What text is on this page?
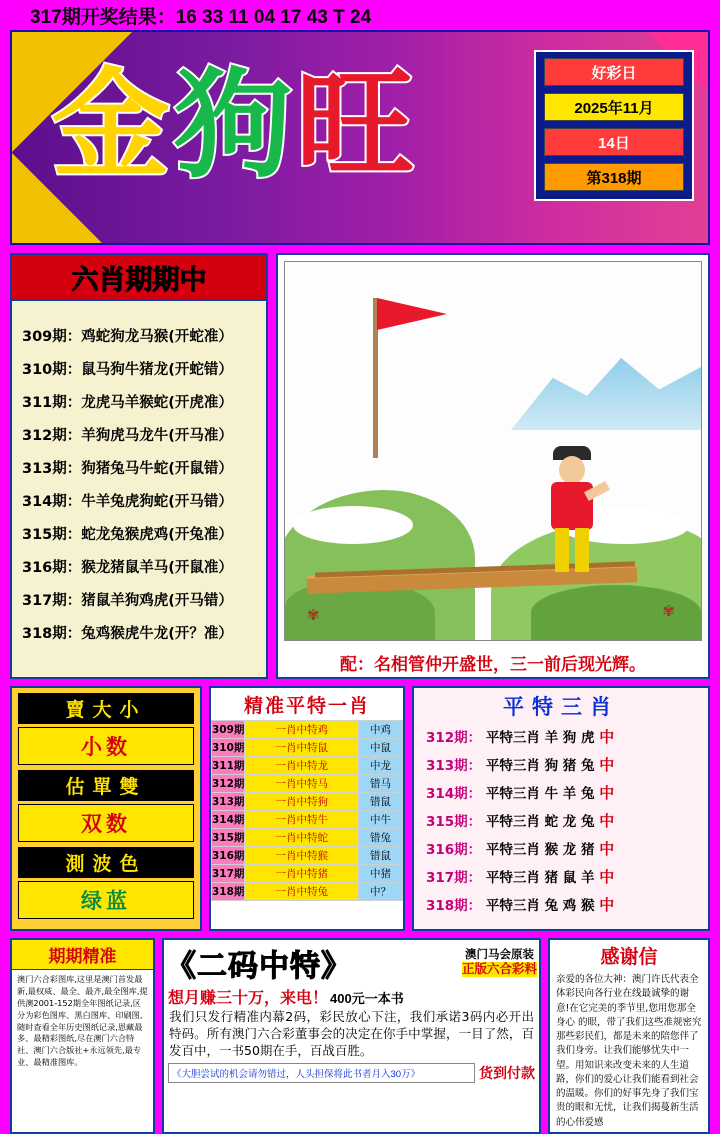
317期开奖结果：16 33 11 04 17 43 T 24
金狗旺	好彩日
2025年11月
14日
第318期
六肖期期中
309期：鸡蛇狗龙马猴(开蛇准）
310期：鼠马狗牛猪龙(开蛇错）
311期：龙虎马羊猴蛇(开虎准）
312期：羊狗虎马龙牛(开马准）
313期：狗猪兔马牛蛇(开鼠错）
314期：牛羊兔虎狗蛇(开马错）
315期：蛇龙兔猴虎鸡(开兔准）
316期：猴龙猪鼠羊马(开鼠准）
317期：猪鼠羊狗鸡虎(开马错）
318期：兔鸡猴虎牛龙(开？准）
✾	✾
配：名相管仲开盛世，三一前后现光辉。
賣大小
小数
估單雙
双数
測波色
绿蓝
精准平特一肖
309期	一肖中特鸡	中鸡
310期	一肖中特鼠	中鼠
311期	一肖中特龙	中龙
312期	一肖中特马	错马
313期	一肖中特狗	错鼠
314期	一肖中特牛	中牛
315期	一肖中特蛇	错兔
316期	一肖中特猴	错鼠
317期	一肖中特猪	中猪
318期	一肖中特兔	中？
平特三肖
312期： 平特三肖 羊 狗 虎 中
313期： 平特三肖 狗 猪 兔 中
314期： 平特三肖 牛 羊 兔 中
315期： 平特三肖 蛇 龙 兔 中
316期： 平特三肖 猴 龙 猪 中
317期： 平特三肖 猪 鼠 羊 中
318期： 平特三肖 兔 鸡 猴 中
期期精准
澳门六合彩图库,这里是澳门首发最新,最权威、最全、最齐,最全图库,提供澳2001-152期全年图纸记录,区分为彩色图库、黑白图库、印刷图,随时查看全年历史图纸记录,恩藏最多、最精彩图纸,尽在澳门六合特社、澳门六合版社+永远领先,最专业、最精准图库。
《二码中特》	澳门马会原装
正版六合彩料
想月赚三十万，来电！ 400元一本书
我们只发行精准内幕2码，彩民放心下注，我们承诺3码内必开出特码。所有澳门六合彩董事会的决定在你手中掌握，一目了然，百发百中，一书50期在手，百战百胜。
《大胆尝试的机会请勿错过，人头担保将此书者月入30万》	货到付款
感谢信
亲爱的各位大神：澳门许氏代表全体彩民向各行业在线最诚挚的谢意!在它完美的季节里,您用您那全身心 的眼，带了我们这些准规密究那些彩民们，都是未来的陪您伴了我们身旁。让我们能够忧失中一望。用知识来改变未来的人生道路，你们的爱心让我们能看到社会的温暖。你们的好事先身了我们宝贵的眼和无忧，让我们揭蔓新生活的心伟爱感
